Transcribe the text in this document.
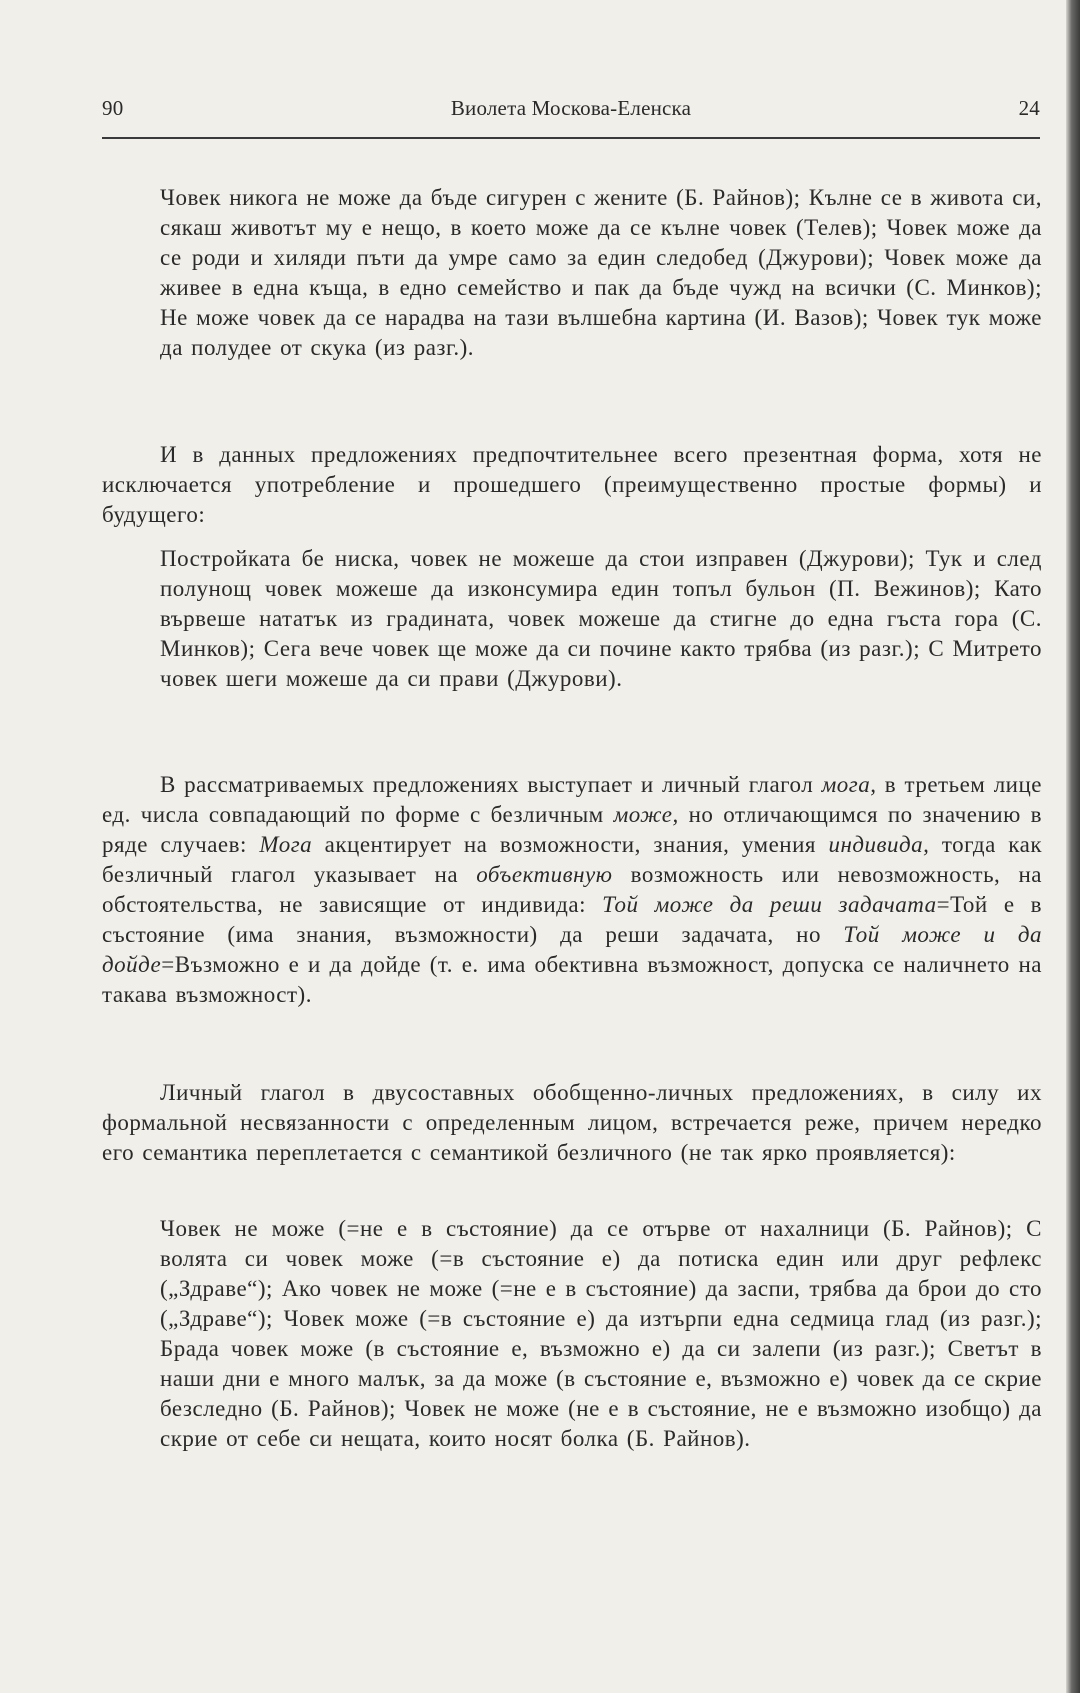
90	Виолета Москова-Еленска	24

Човек никога не може да бъде сигурен с жените (Б. Райнов); Кълне се в живота си, сякаш животът му е нещо, в което може да се кълне човек (Телев); Човек може да се роди и хиляди пъти да умре само за един следобед (Джурови); Човек може да живее в една къща, в едно семейство и пак да бъде чужд на всички (С. Минков); Не може човек да се нарадва на тази вълшебна картина (И. Вазов); Човек тук може да полудее от скука (из разг.).

И в данных предложениях предпочтительнее всего презентная форма, хотя не исключается употребление и прошедшего (преимущественно простые формы) и будущего:

Постройката бе ниска, човек не можеше да стои изправен (Джурови); Тук и след полунощ човек можеше да изконсумира един топъл бульон (П. Вежинов); Като вървеше нататък из градината, човек можеше да стигне до една гъста гора (С. Минков); Сега вече човек ще може да си почине както трябва (из разг.); С Митрето човек шеги можеше да си прави (Джурови).

В рассматриваемых предложениях выступает и личный глагол мога, в третьем лице ед. числа совпадающий по форме с безличным може, но отличающимся по значению в ряде случаев: Мога акцентирует на возможности, знания, умения индивида, тогда как безличный глагол указывает на объективную возможность или невозможность, на обстоятельства, не зависящие от индивида: Той може да реши задачата=Той е в състояние (има знания, възможности) да реши задачата, но Той може и да дойде=Възможно е и да дойде (т. е. има обективна възможност, допуска се наличнето на такава възможност).

Личный глагол в двусоставных обобщенно-личных предложениях, в силу их формальной несвязанности с определенным лицом, встречается реже, причем нередко его семантика переплетается с семантикой безличного (не так ярко проявляется):

Човек не може (=не е в състояние) да се отърве от нахалници (Б. Райнов); С волята си човек може (=в състояние е) да потиска един или друг рефлекс („Здраве“); Ако човек не може (=не е в състояние) да заспи, трябва да брои до сто („Здраве“); Човек може (=в състояние е) да изтърпи една седмица глад (из разг.); Брада човек може (в състояние е, възможно е) да си залепи (из разг.); Светът в наши дни е много малък, за да може (в състояние е, възможно е) човек да се скрие безследно (Б. Райнов); Човек не може (не е в състояние, не е възможно изобщо) да скрие от себе си нещата, които носят болка (Б. Райнов).
